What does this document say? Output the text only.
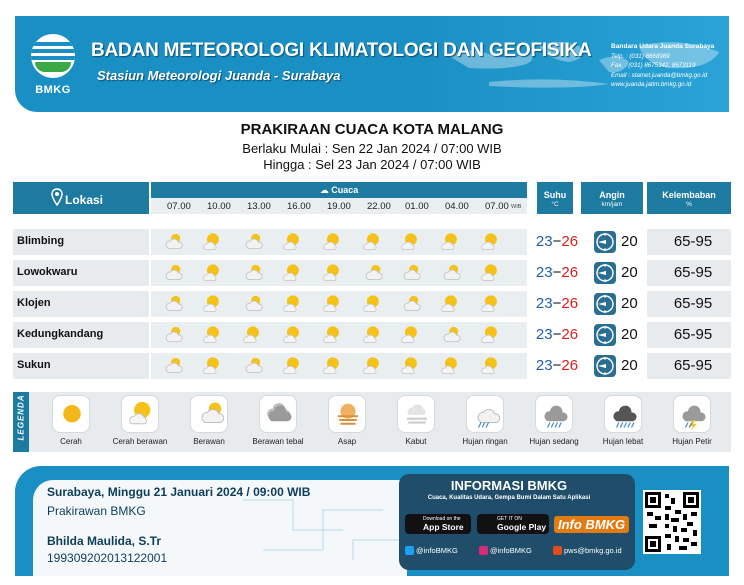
BMKG
BADAN METEOROLOGI KLIMATOLOGI DAN GEOFISIKA
Stasiun Meteorologi Juanda - Surabaya
Bandara Udara Juanda Surabaya
Telp. : (031) 8668989
Fax. : (031) 8675342, 8673119
Email : stamet.juanda@bmkg.go.id
www.juanda.jatim.bmkg.go.id
PRAKIRAAN CUACA KOTA MALANG
Berlaku Mulai : Sen 22 Jan 2024 / 07:00 WIB
Hingga : Sel 23 Jan 2024 / 07:00 WIB
Lokasi
☁ Cuaca
07.00 10.00 13.00 16.00 19.00 22.00 01.00 04.00 07.00 WIB
Suhu
°C
Angin
km/jam
Kelembaban
%
Blimbing	23−26	20	65-95
Lowokwaru	23−26	20	65-95
Klojen	23−26	20	65-95
Kedungkandang	23−26	20	65-95
Sukun	23−26	20	65-95
LEGENDA
Cerah	Cerah berawan	Berawan	Berawan tebal	Asap	Kabut	Hujan ringan	Hujan sedang	Hujan lebat	Hujan Petir
Surabaya, Minggu 21 Januari 2024 / 09:00 WIB
Prakirawan BMKG
Bhilda Maulida, S.Tr
199309202013122001
INFORMASI BMKG
Cuaca, Kualitas Udara, Gempa Bumi Dalam Satu Aplikasi
Download on the
App Store
GET IT ON
Google Play Info BMKG
@infoBMKG	@infoBMKG	pws@bmkg.go.id
